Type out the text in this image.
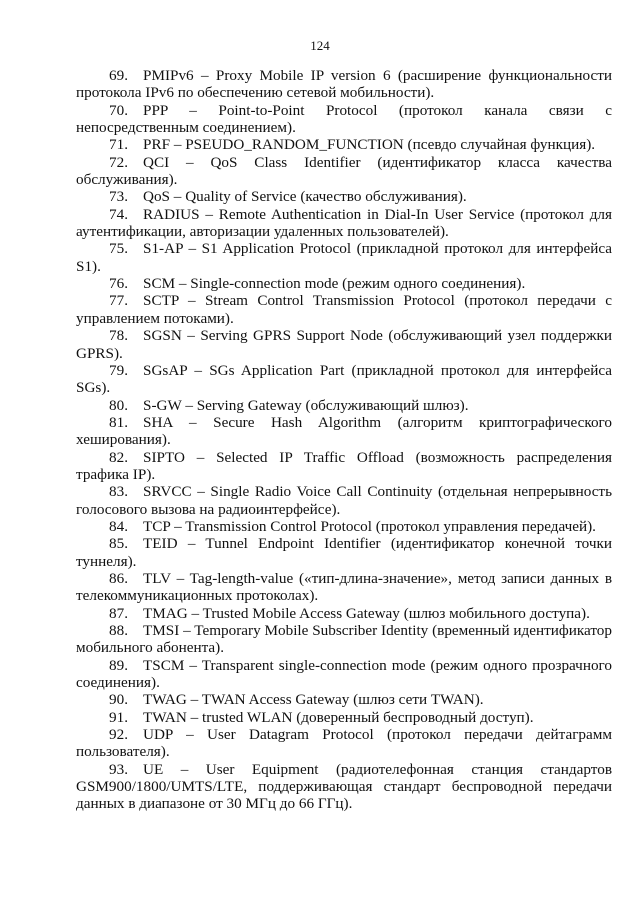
124

69. PMIPv6 – Proxy Mobile IP version 6 (расширение функциональности протокола IPv6 по обеспечению сетевой мобильности).

70. PPP – Point-to-Point Protocol (протокол канала связи с непосредственным соединением).

71. PRF – PSEUDO_RANDOM_FUNCTION (псевдо случайная функция).

72. QCI – QoS Class Identifier (идентификатор класса качества обслуживания).

73. QoS – Quality of Service (качество обслуживания).

74. RADIUS – Remote Authentication in Dial-In User Service (протокол для аутентификации, авторизации удаленных пользователей).

75. S1-AP – S1 Application Protocol (прикладной протокол для интерфейса S1).

76. SCM – Single-connection mode (режим одного соединения).

77. SCTP – Stream Control Transmission Protocol (протокол передачи с управлением потоками).

78. SGSN – Serving GPRS Support Node (обслуживающий узел поддержки GPRS).

79. SGsAP – SGs Application Part (прикладной протокол для интерфейса SGs).

80. S-GW – Serving Gateway (обслуживающий шлюз).

81. SHA – Secure Hash Algorithm (алгоритм криптографического хеширования).

82. SIPTO – Selected IP Traffic Offload (возможность распределения трафика IP).

83. SRVCC – Single Radio Voice Call Continuity (отдельная непрерывность голосового вызова на радиоинтерфейсе).

84. TCP – Transmission Control Protocol (протокол управления передачей).

85. TEID – Tunnel Endpoint Identifier (идентификатор конечной точки туннеля).

86. TLV – Tag-length-value («тип-длина-значение», метод записи данных в телекоммуникационных протоколах).

87. TMAG – Trusted Mobile Access Gateway (шлюз мобильного доступа).

88. TMSI – Temporary Mobile Subscriber Identity (временный идентификатор мобильного абонента).

89. TSCM – Transparent single-connection mode (режим одного прозрачного соединения).

90. TWAG – TWAN Access Gateway (шлюз сети TWAN).

91. TWAN – trusted WLAN (доверенный беспроводный доступ).

92. UDP – User Datagram Protocol (протокол передачи дейтаграмм пользователя).

93. UE – User Equipment (радиотелефонная станция стандартов GSM900/1800/UMTS/LTE, поддерживающая стандарт беспроводной передачи данных в диапазоне от 30 МГц до 66 ГГц).
